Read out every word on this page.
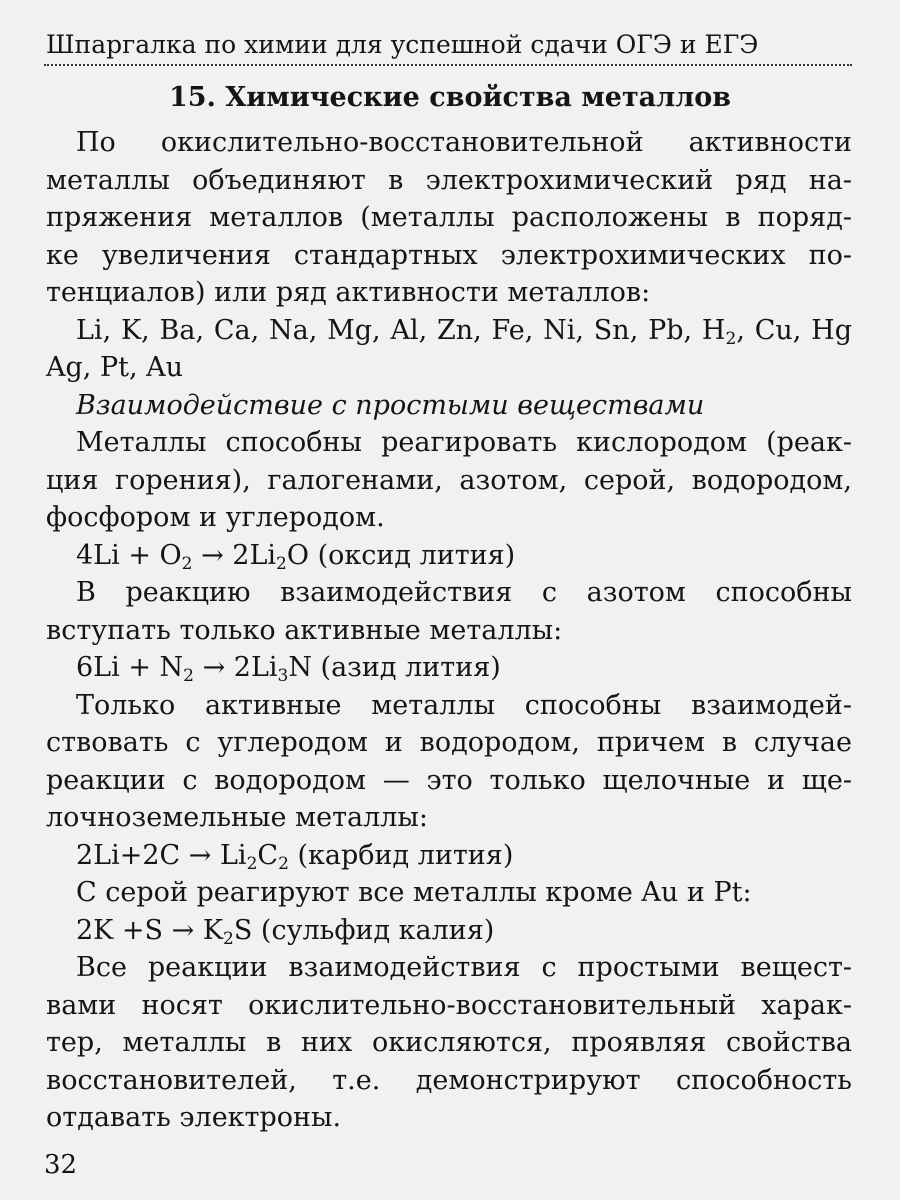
Шпаргалка по химии для успешной сдачи ОГЭ и ЕГЭ
15. Химические свойства металлов
По окислительно-восстановительной активности
металлы объединяют в электрохимический ряд на-
пряжения металлов (металлы расположены в поряд-
ке увеличения стандартных электрохимических по-
тенциалов) или ряд активности металлов:
Li, K, Ba, Ca, Na, Mg, Al, Zn, Fe, Ni, Sn, Pb, $H_2$, Cu, Hg
Ag, Pt, Au
Взаимодействие с простыми веществами
Металлы способны реагировать кислородом (реак-
ция горения), галогенами, азотом, серой, водородом,
фосфором и углеродом.
$4Li + O_2 \to 2Li_2O$ (оксид лития)
В реакцию взаимодействия с азотом способны
вступать только активные металлы:
$6Li + N_2 \to 2Li_3N$ (азид лития)
Только активные металлы способны взаимодей-
ствовать с углеродом и водородом, причем в случае
реакции с водородом — это только щелочные и ще-
лочноземельные металлы:
$2Li+2C \to Li_2C_2$ (карбид лития)
С серой реагируют все металлы кроме Au и Pt:
$2K +S \to K_2S$ (сульфид калия)
Все реакции взаимодействия с простыми вещест-
вами носят окислительно-восстановительный харак-
тер, металлы в них окисляются, проявляя свойства
восстановителей, т.е. демонстрируют способность
отдавать электроны.
32
